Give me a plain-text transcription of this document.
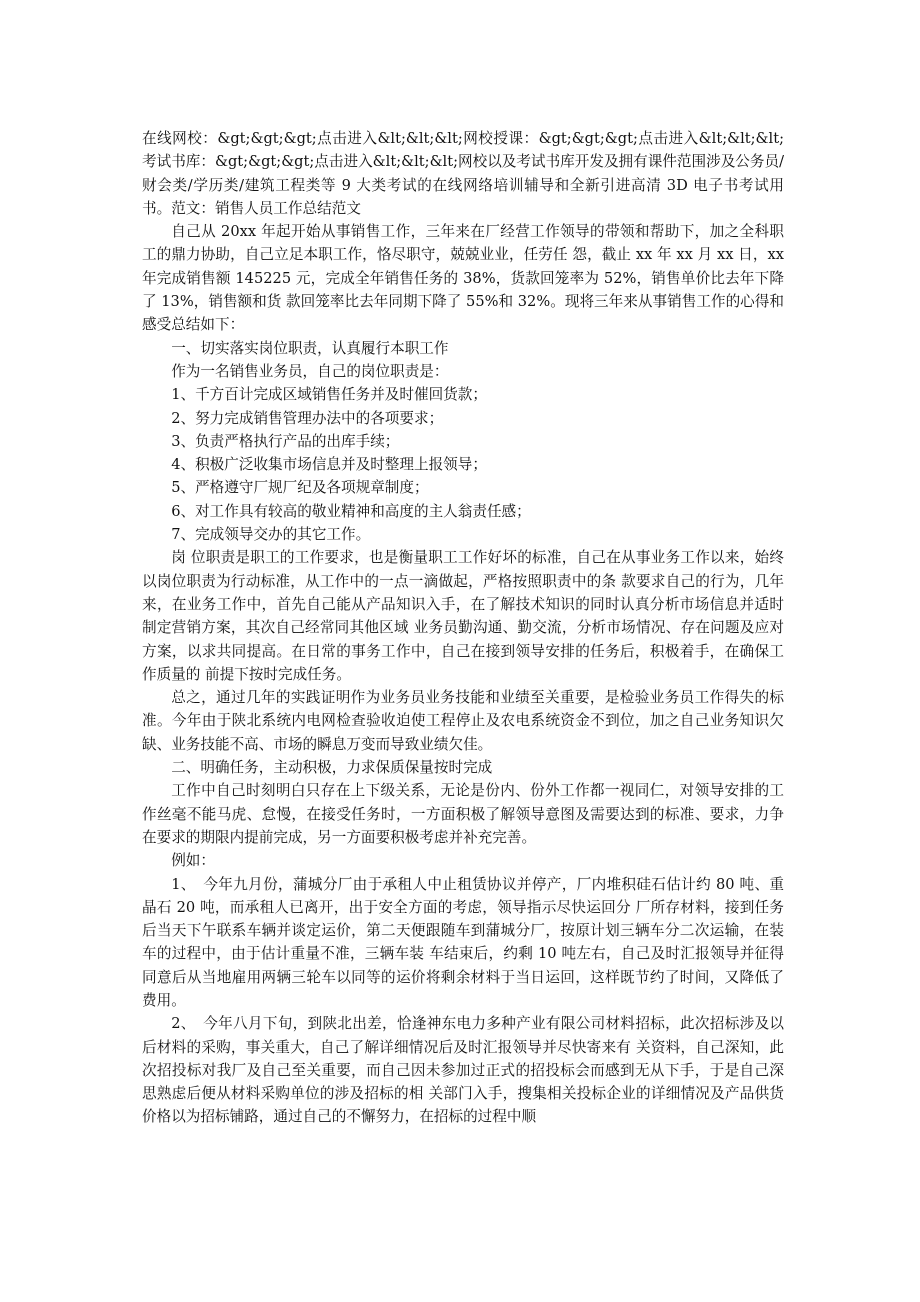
在线网校：&gt;&gt;&gt;点击进入&lt;&lt;&lt;网校授课：&gt;&gt;&gt;点击进入&lt;&lt;&lt;考试书库：&gt;&gt;&gt;点击进入&lt;&lt;&lt;网校以及考试书库开发及拥有课件范围涉及公务员/财会类/学历类/建筑工程类等 9 大类考试的在线网络培训辅导和全新引进高清 3D 电子书考试用书。范文：销售人员工作总结范文

自己从 20xx 年起开始从事销售工作，三年来在厂经营工作领导的带领和帮助下，加之全科职工的鼎力协助，自己立足本职工作，恪尽职守，兢兢业业，任劳任 怨，截止 xx 年 xx 月 xx 日，xx 年完成销售额 145225 元，完成全年销售任务的 38%，货款回笼率为 52%，销售单价比去年下降了 13%，销售额和货 款回笼率比去年同期下降了 55%和 32%。现将三年来从事销售工作的心得和感受总结如下：

一、切实落实岗位职责，认真履行本职工作

作为一名销售业务员，自己的岗位职责是：

1、千方百计完成区域销售任务并及时催回货款；

2、努力完成销售管理办法中的各项要求；

3、负责严格执行产品的出库手续；

4、积极广泛收集市场信息并及时整理上报领导；

5、严格遵守厂规厂纪及各项规章制度；

6、对工作具有较高的敬业精神和高度的主人翁责任感；

7、完成领导交办的其它工作。

岗 位职责是职工的工作要求，也是衡量职工工作好坏的标准，自己在从事业务工作以来，始终以岗位职责为行动标准，从工作中的一点一滴做起，严格按照职责中的条 款要求自己的行为，几年来，在业务工作中，首先自己能从产品知识入手，在了解技术知识的同时认真分析市场信息并适时制定营销方案，其次自己经常同其他区域 业务员勤沟通、勤交流，分析市场情况、存在问题及应对方案，以求共同提高。在日常的事务工作中，自己在接到领导安排的任务后，积极着手，在确保工作质量的 前提下按时完成任务。

总之，通过几年的实践证明作为业务员业务技能和业绩至关重要，是检验业务员工作得失的标准。今年由于陕北系统内电网检查验收迫使工程停止及农电系统资金不到位，加之自己业务知识欠缺、业务技能不高、市场的瞬息万变而导致业绩欠佳。

二、明确任务，主动积极，力求保质保量按时完成

工作中自己时刻明白只存在上下级关系，无论是份内、份外工作都一视同仁，对领导安排的工作丝毫不能马虎、怠慢，在接受任务时，一方面积极了解领导意图及需要达到的标准、要求，力争在要求的期限内提前完成，另一方面要积极考虑并补充完善。

例如：

1、　今年九月份，蒲城分厂由于承租人中止租赁协议并停产，厂内堆积硅石估计约 80 吨、重晶石 20 吨，而承租人已离开，出于安全方面的考虑，领导指示尽快运回分 厂所存材料，接到任务后当天下午联系车辆并谈定运价，第二天便跟随车到蒲城分厂，按原计划三辆车分二次运输，在装车的过程中，由于估计重量不准，三辆车装 车结束后，约剩 10 吨左右，自己及时汇报领导并征得同意后从当地雇用两辆三轮车以同等的运价将剩余材料于当日运回，这样既节约了时间，又降低了费用。

2、　今年八月下旬，到陕北出差，恰逢神东电力多种产业有限公司材料招标，此次招标涉及以后材料的采购，事关重大，自己了解详细情况后及时汇报领导并尽快寄来有 关资料，自己深知，此次招投标对我厂及自己至关重要，而自己因未参加过正式的招投标会而感到无从下手，于是自己深思熟虑后便从材料采购单位的涉及招标的相 关部门入手，搜集相关投标企业的详细情况及产品供货价格以为招标铺路，通过自己的不懈努力，在招标的过程中顺
